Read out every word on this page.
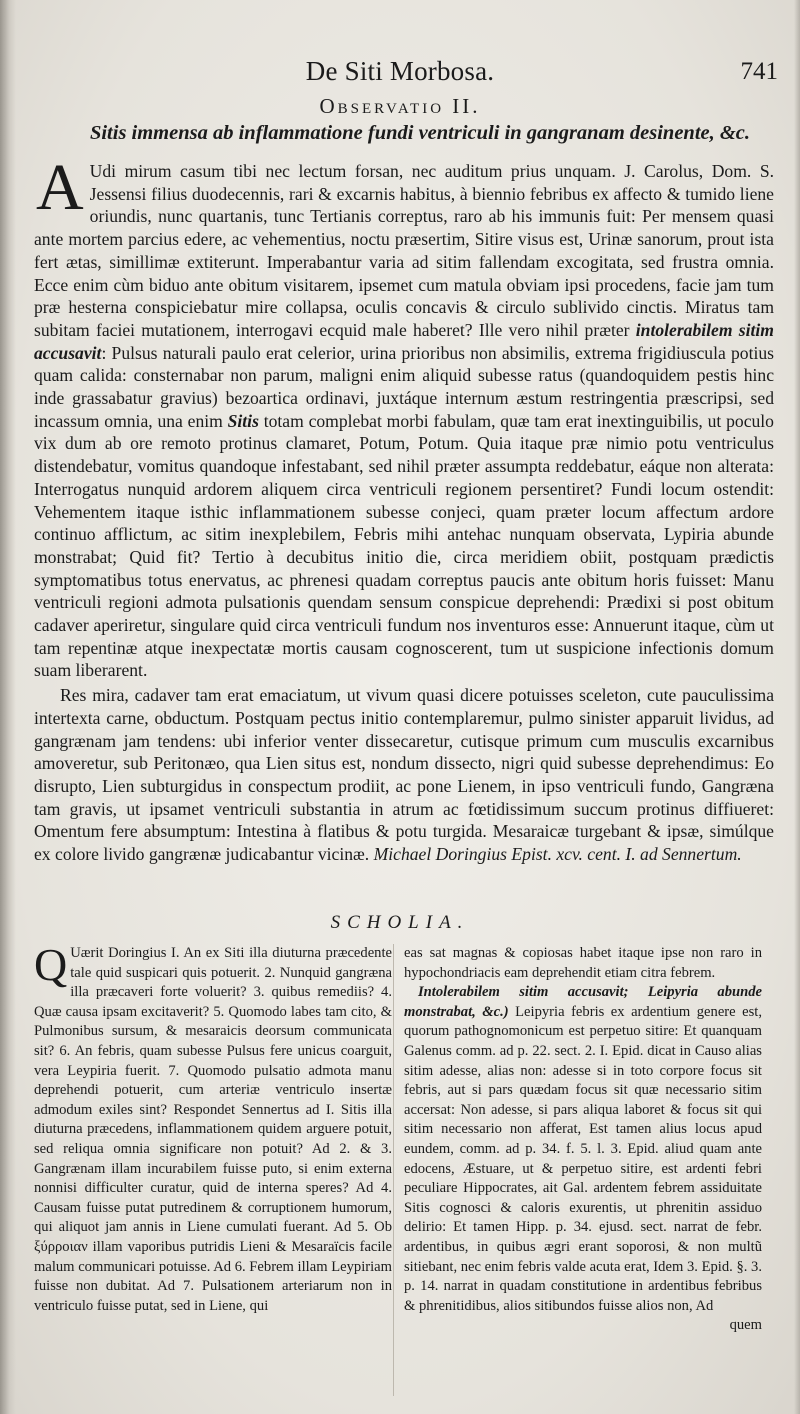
De Siti Morbosa.	741
Observatio II.
Sitis immensa ab inflammatione fundi ventriculi in gangranam desinente, &c.

A Udi mirum casum tibi nec lectum forsan, nec auditum prius unquam. J. Carolus, Dom. S. Jessensi filius duodecennis, rari & excarnis habitus, à biennio febribus ex affecto & tumido liene oriundis, nunc quartanis, tunc Tertianis correptus, raro ab his immunis fuit: Per mensem quasi ante mortem parcius edere, ac vehementius, noctu præsertim, Sitire visus est, Urinæ sanorum, prout ista fert ætas, simillimæ extiterunt. Imperabantur varia ad sitim fallendam excogitata, sed frustra omnia. Ecce enim cùm biduo ante obitum visitarem, ipsemet cum matula obviam ipsi procedens, facie jam tum præ hesterna conspiciebatur mire collapsa, oculis concavis & circulo sublivido cinctis. Miratus tam subitam faciei mutationem, interrogavi ecquid male haberet? Ille vero nihil præter intolerabilem sitim accusavit: Pulsus naturali paulo erat celerior, urina prioribus non absimilis, extrema frigidiuscula potius quam calida: consternabar non parum, maligni enim aliquid subesse ratus (quandoquidem pestis hinc inde grassabatur gravius) bezoartica ordinavi, juxtáque internum æstum restringentia præscripsi, sed incassum omnia, una enim Sitis totam complebat morbi fabulam, quæ tam erat inextinguibilis, ut poculo vix dum ab ore remoto protinus clamaret, Potum, Potum. Quia itaque præ nimio potu ventriculus distendebatur, vomitus quandoque infestabant, sed nihil præter assumpta reddebatur, eáque non alterata: Interrogatus nunquid ardorem aliquem circa ventriculi regionem persentiret? Fundi locum ostendit: Vehementem itaque isthic inflammationem subesse conjeci, quam præter locum affectum ardore continuo afflictum, ac sitim inexplebilem, Febris mihi antehac nunquam observata, Lypiria abunde monstrabat; Quid fit? Tertio à decubitus initio die, circa meridiem obiit, postquam prædictis symptomatibus totus enervatus, ac phrenesi quadam correptus paucis ante obitum horis fuisset: Manu ventriculi regioni admota pulsationis quendam sensum conspicue deprehendi: Prædixi si post obitum cadaver aperiretur, singulare quid circa ventriculi fundum nos inventuros esse: Annuerunt itaque, cùm ut tam repentinæ atque inexpectatæ mortis causam cognoscerent, tum ut suspicione infectionis domum suam liberarent.

Res mira, cadaver tam erat emaciatum, ut vivum quasi dicere potuisses sceleton, cute pauculissima intertexta carne, obductum. Postquam pectus initio contemplaremur, pulmo sinister apparuit lividus, ad gangrænam jam tendens: ubi inferior venter dissecaretur, cutisque primum cum musculis excarnibus amoveretur, sub Peritonæo, qua Lien situs est, nondum dissecto, nigri quid subesse deprehendimus: Eo disrupto, Lien subturgidus in conspectum prodiit, ac pone Lienem, in ipso ventriculi fundo, Gangræna tam gravis, ut ipsamet ventriculi substantia in atrum ac fœtidissimum succum protinus diffiueret: Omentum fere absumptum: Intestina à flatibus & potu turgida. Mesaraicæ turgebant & ipsæ, simúlque ex colore livido gangrænæ judicabantur vicinæ. Michael Doringius Epist. xcv. cent. I. ad Sennertum.

SCHOLIA.

Q Uærit Doringius I. An ex Siti illa diuturna præcedente tale quid suspicari quis potuerit. 2. Nunquid gangræna illa præcaveri forte voluerit? 3. quibus remediis? 4. Quæ causa ipsam excitaverit? 5. Quomodo labes tam cito, & Pulmonibus sursum, & mesaraicis deorsum communicata sit? 6. An febris, quam subesse Pulsus fere unicus coarguit, vera Leypiria fuerit. 7. Quomodo pulsatio admota manu deprehendi potuerit, cum arteriæ ventriculo insertæ admodum exiles sint? Respondet Sennertus ad I. Sitis illa diuturna præcedens, inflammationem quidem arguere potuit, sed reliqua omnia significare non potuit? Ad 2. & 3. Gangrænam illam incurabilem fuisse puto, si enim externa nonnisi difficulter curatur, quid de interna speres? Ad 4. Causam fuisse putat putredinem & corruptionem humorum, qui aliquot jam annis in Liene cumulati fuerant. Ad 5. Ob ξύρροιαν illam vaporibus putridis Lieni & Mesaraïcis facile malum communicari potuisse. Ad 6. Febrem illam Leypiriam fuisse non dubitat. Ad 7. Pulsationem arteriarum non in ventriculo fuisse putat, sed in Liene, qui

eas sat magnas & copiosas habet itaque ipse non raro in hypochondriacis eam deprehendit etiam citra febrem.

Intolerabilem sitim accusavit; Leipyria abunde monstrabat, &c.) Leipyria febris ex ardentium genere est, quorum pathognomonicum est perpetuo sitire: Et quanquam Galenus comm. ad p. 22. sect. 2. I. Epid. dicat in Causo alias sitim adesse, alias non: adesse si in toto corpore focus sit febris, aut si pars quædam focus sit quæ necessario sitim accersat: Non adesse, si pars aliqua laboret & focus sit qui sitim necessario non afferat, Est tamen alius locus apud eundem, comm. ad p. 34. f. 5. l. 3. Epid. aliud quam ante edocens, Æstuare, ut & perpetuo sitire, est ardenti febri peculiare Hippocrates, ait Gal. ardentem febrem assiduitate Sitis cognosci & caloris exurentis, ut phrenitin assiduo delirio: Et tamen Hipp. p. 34. ejusd. sect. narrat de febr. ardentibus, in quibus ægri erant soporosi, & non multũ sitiebant, nec enim febris valde acuta erat, Idem 3. Epid. §. 3. p. 14. narrat in quadam constitutione in ardentibus febribus & phrenitidibus, alios sitibundos fuisse alios non, Ad

quem
